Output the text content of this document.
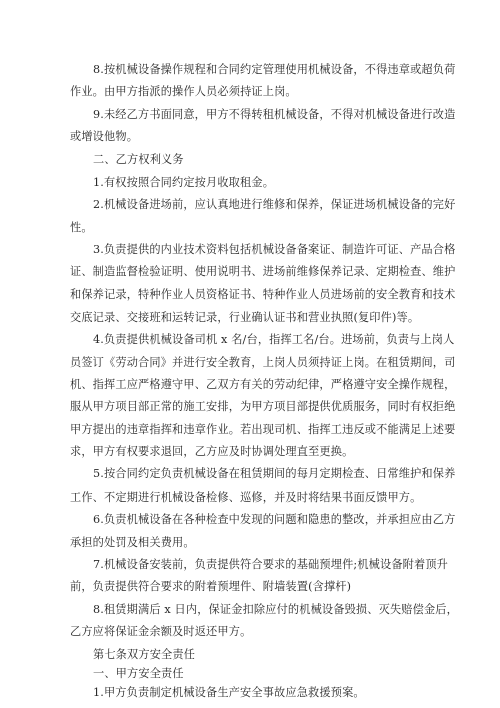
8.按机械设备操作规程和合同约定管理使用机械设备，不得违章或超负荷
作业。由甲方指派的操作人员必须持证上岗。
9.未经乙方书面同意，甲方不得转租机械设备，不得对机械设备进行改造
或增设他物。
二、乙方权利义务
1.有权按照合同约定按月收取租金。
2.机械设备进场前，应认真地进行维修和保养，保证进场机械设备的完好
性。
3.负责提供的内业技术资料包括机械设备备案证、制造许可证、产品合格
证、制造监督检验证明、使用说明书、进场前维修保养记录、定期检查、维护
和保养记录，特种作业人员资格证书、特种作业人员进场前的安全教育和技术
交底记录、交接班和运转记录，行业确认证书和营业执照(复印件)等。
4.负责提供机械设备司机 x 名/台，指挥工名/台。进场前，负责与上岗人
员签订《劳动合同》并进行安全教育，上岗人员须持证上岗。在租赁期间，司
机、指挥工应严格遵守甲、乙双方有关的劳动纪律，严格遵守安全操作规程，
服从甲方项目部正常的施工安排，为甲方项目部提供优质服务，同时有权拒绝
甲方提出的违章指挥和违章作业。若出现司机、指挥工违反或不能满足上述要
求，甲方有权要求退回，乙方应及时协调处理直至更换。
5.按合同约定负责机械设备在租赁期间的每月定期检查、日常维护和保养
工作、不定期进行机械设备检修、巡修，并及时将结果书面反馈甲方。
6.负责机械设备在各种检查中发现的问题和隐患的整改，并承担应由乙方
承担的处罚及相关费用。
7.机械设备安装前，负责提供符合要求的基础预埋件;机械设备附着顶升
前，负责提供符合要求的附着预埋件、附墙装置(含撑杆)
8.租赁期满后 x 日内，保证金扣除应付的机械设备毁损、灭失赔偿金后，
乙方应将保证金余额及时返还甲方。
第七条双方安全责任
一、甲方安全责任
1.甲方负责制定机械设备生产安全事故应急救援预案。
